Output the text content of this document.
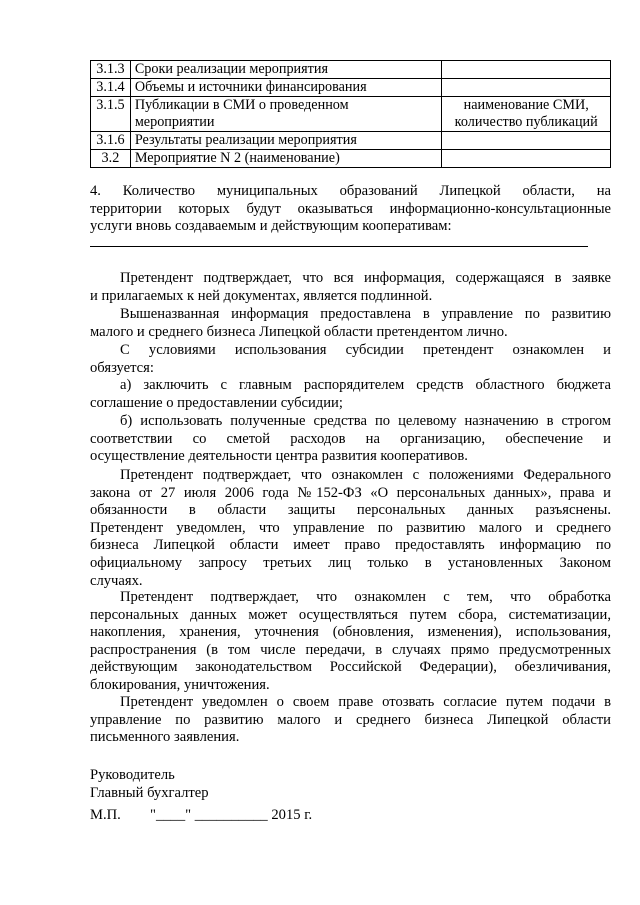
3.1.3	Сроки реализации мероприятия	

3.1.4	Объемы и источники финансирования	

3.1.5	Публикации в СМИ о проведенном
мероприятии	наименование СМИ,
количество публикаций

3.1.6	Результаты реализации мероприятия	

3.2	Мероприятие N 2 (наименование)	

4. Количество муниципальных образований Липецкой области, на
территории которых будут оказываться информационно-консультационные
услуги вновь создаваемым и действующим кооперативам:
Претендент подтверждает, что вся информация, содержащаяся в заявке
и прилагаемых к ней документах, является подлинной.
Вышеназванная информация предоставлена в управление по развитию
малого и среднего бизнеса Липецкой области претендентом лично.
С условиями использования субсидии претендент ознакомлен и
обязуется:
а) заключить с главным распорядителем средств областного бюджета
соглашение о предоставлении субсидии;
б) использовать полученные средства по целевому назначению в строгом
соответствии со сметой расходов на организацию, обеспечение и
осуществление деятельности центра развития кооперативов.
Претендент подтверждает, что ознакомлен с положениями Федерального
закона от 27 июля 2006 года №152-ФЗ «О персональных данных», права и
обязанности в области защиты персональных данных разъяснены.
Претендент уведомлен, что управление по развитию малого и среднего
бизнеса Липецкой области имеет право предоставлять информацию по
официальному запросу третьих лиц только в установленных Законом
случаях.
Претендент подтверждает, что ознакомлен с тем, что обработка
персональных данных может осуществляться путем сбора, систематизации,
накопления, хранения, уточнения (обновления, изменения), использования,
распространения (в том числе передачи, в случаях прямо предусмотренных
действующим законодательством Российской Федерации), обезличивания,
блокирования, уничтожения.
Претендент уведомлен о своем праве отозвать согласие путем подачи в
управление по развитию малого и среднего бизнеса Липецкой области
письменного заявления.
Руководитель
Главный бухгалтер
М.П. "____" __________ 2015 г.
